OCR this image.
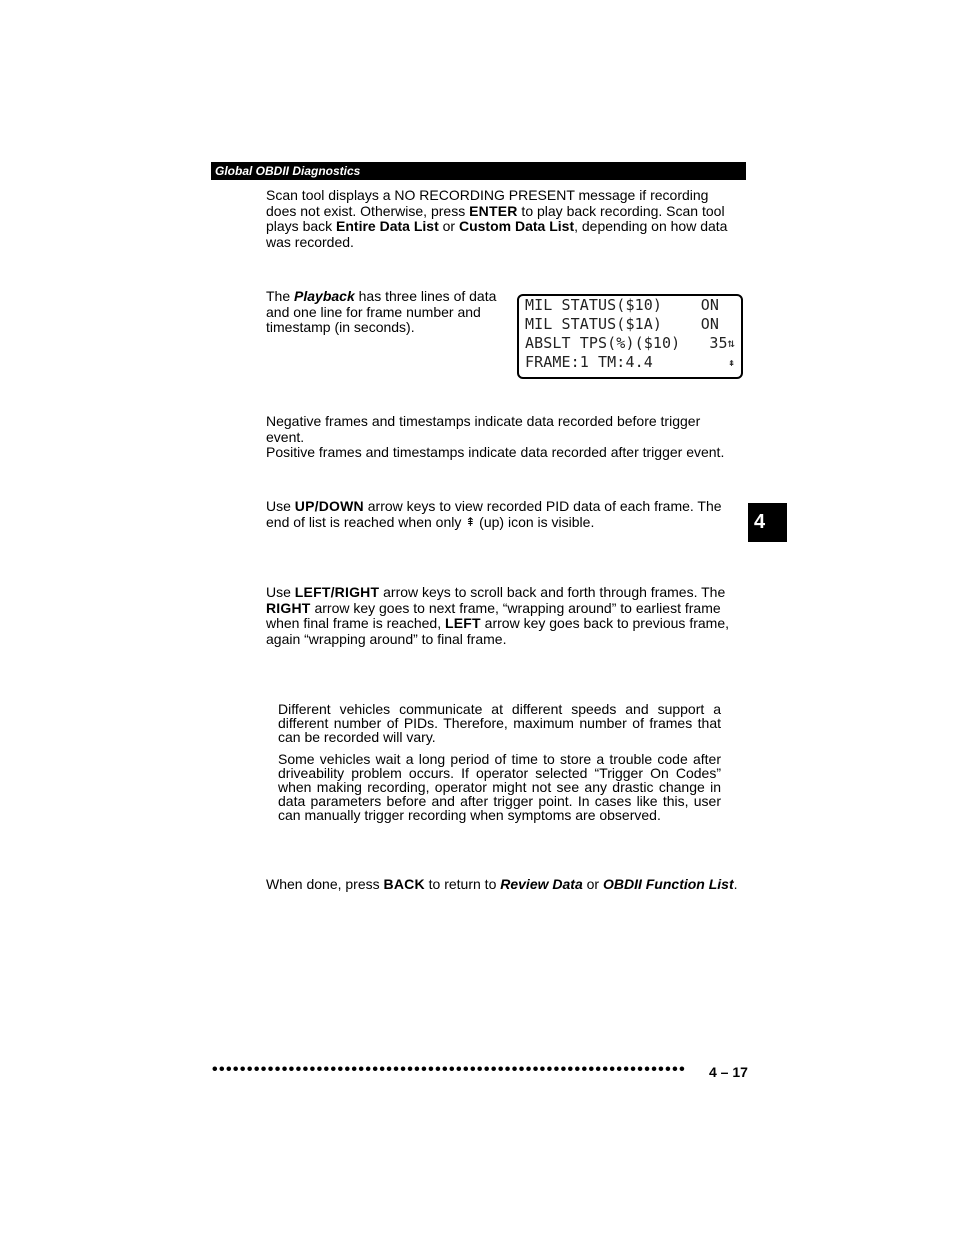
Global OBDII Diagnostics

Scan tool displays a NO RECORDING PRESENT message if recording does not exist. Otherwise, press ENTER to play back recording. Scan tool plays back Entire Data List or Custom Data List, depending on how data was recorded.

The Playback has three lines of data and one line for frame number and timestamp (in seconds).

MIL STATUS($10)	ON
MIL STATUS($1A)	ON
ABSLT TPS(%)($10) 35⇅
FRAME:1 TM:4.4	⇞

Negative frames and timestamps indicate data recorded before trigger event.
Positive frames and timestamps indicate data recorded after trigger event.

Use UP/DOWN arrow keys to view recorded PID data of each frame. The end of list is reached when only ⇞ (up) icon is visible.	4

Use LEFT/RIGHT arrow keys to scroll back and forth through frames. The RIGHT arrow key goes to next frame, “wrapping around” to earliest frame when final frame is reached, LEFT arrow key goes back to previous frame, again “wrapping around” to final frame.

Different vehicles communicate at different speeds and support a different number of PIDs. Therefore, maximum number of frames that can be recorded will vary.

Some vehicles wait a long period of time to store a trouble code after driveability problem occurs. If operator selected “Trigger On Codes” when making recording, operator might not see any drastic change in data parameters before and after trigger point. In cases like this, user can manually trigger recording when symptoms are observed.

When done, press BACK to return to Review Data or OBDII Function List.

••••••••••••••••••••••••••••••••••••••••••••••••••••••••••••••••••••	4 – 17
